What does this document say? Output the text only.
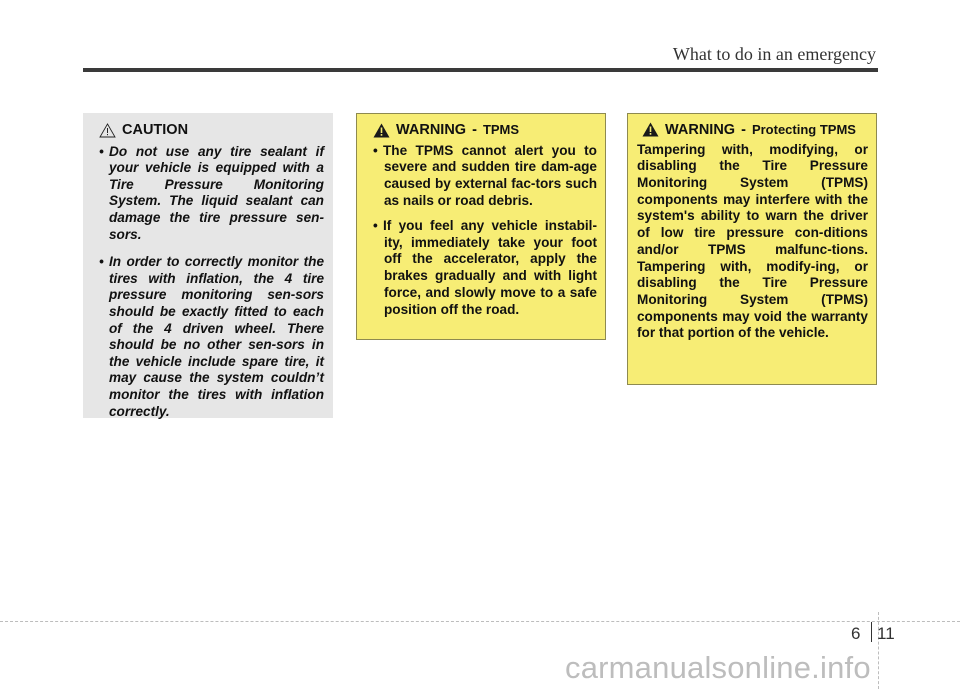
What to do in an emergency
CAUTION
• Do not use any tire sealant if your vehicle is equipped with a Tire Pressure Monitoring System. The liquid sealant can damage the tire pressure sen-sors.
• In order to correctly monitor the tires with inflation, the 4 tire pressure monitoring sen-sors should be exactly fitted to each of the 4 driven wheel. There should be no other sen-sors in the vehicle include spare tire, it may cause the system couldn’t monitor the tires with inflation correctly.
WARNING - TPMS
• The TPMS cannot alert you to severe and sudden tire dam-age caused by external fac-tors such as nails or road debris.
• If you feel any vehicle instabil-ity, immediately take your foot off the accelerator, apply the brakes gradually and with light force, and slowly move to a safe position off the road.
WARNING - Protecting TPMS

Tampering with, modifying, or disabling the Tire Pressure Monitoring System (TPMS) components may interfere with the system's ability to warn the driver of low tire pressure con-ditions and/or TPMS malfunc-tions. Tampering with, modify-ing, or disabling the Tire Pressure Monitoring System (TPMS) components may void the warranty for that portion of the vehicle.

6 11
carmanualsonline.info
